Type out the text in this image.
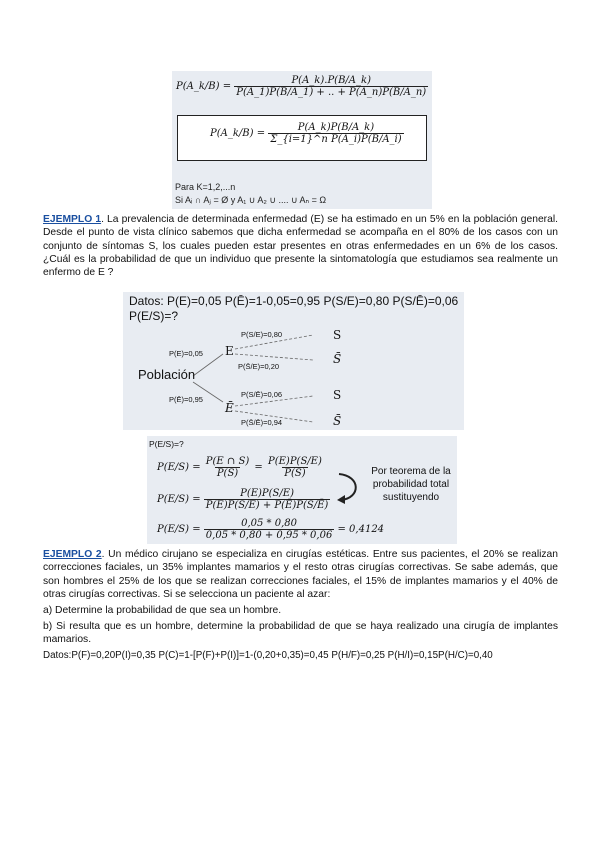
P(A_k/B) = $\frac{P(A\_k).P(B/A\_k)}{P(A\_1)P(B/A\_1) + .. + P(A\_n)P(B/A\_n)}$
P(A_k/B) = $\frac{P(A\_k)P(B/A\_k)}{\text{Σ\_\{i=1\}\textasciicircum{}n P(A\_i)P(B/A\_i)}}$
Para K=1,2,...n
Si Aᵢ ∩ Aⱼ = Ø y A₁ ∪ A₂ ∪ .... ∪ Aₙ = Ω
EJEMPLO 1. La prevalencia de determinada enfermedad (E) se ha estimado en un 5% en la población general. Desde el punto de vista clínico sabemos que dicha enfermedad se acompaña en el 80% de los casos con un conjunto de síntomas S, los cuales pueden estar presentes en otras enfermedades en un 6% de los casos. ¿Cuál es la probabilidad de que un individuo que presente la sintomatología que estudiamos sea realmente un enfermo de E ?
Datos: P(E)=0,05 P(Ē)=1-0,05=0,95 P(S/E)=0,80 P(S/Ē)=0,06
P(E/S)=?
Población
P(E)=0,05
P(Ē)=0,95
E
Ē
P(S/E)=0,80
P(S̄/E)=0,20
P(S/Ē)=0,06
P(S̄/Ē)=0,94
S
S̄
S
S̄
P(E/S)=?
$P(E/S) = \frac{P(E \cap S)}{P(S)} = \frac{P(E)P(S/E)}{P(S)}$
$P(E/S) = \frac{P(E)P(S/E)}{P(E)P(S/E) + P(Ē)P(S/Ē)}$
$P(E/S) = \frac{0,05 * 0,80}{0,05 * 0,80 + 0,95 * 0,06} = 0,4124$
Por teorema de la
probabilidad total
sustituyendo
EJEMPLO 2. Un médico cirujano se especializa en cirugías estéticas. Entre sus pacientes, el 20% se realizan correcciones faciales, un 35% implantes mamarios y el resto otras cirugías correctivas. Se sabe además, que son hombres el 25% de los que se realizan correcciones faciales, el 15% de implantes mamarios y el 40% de otras cirugías correctivas. Si se selecciona un paciente al azar:
a) Determine la probabilidad de que sea un hombre.
b) Si resulta que es un hombre, determine la probabilidad de que se haya realizado una cirugía de implantes mamarios.
Datos:P(F)=0,20P(I)=0,35 P(C)=1-[P(F)+P(I)]=1-(0,20+0,35)=0,45 P(H/F)=0,25 P(H/I)=0,15P(H/C)=0,40
